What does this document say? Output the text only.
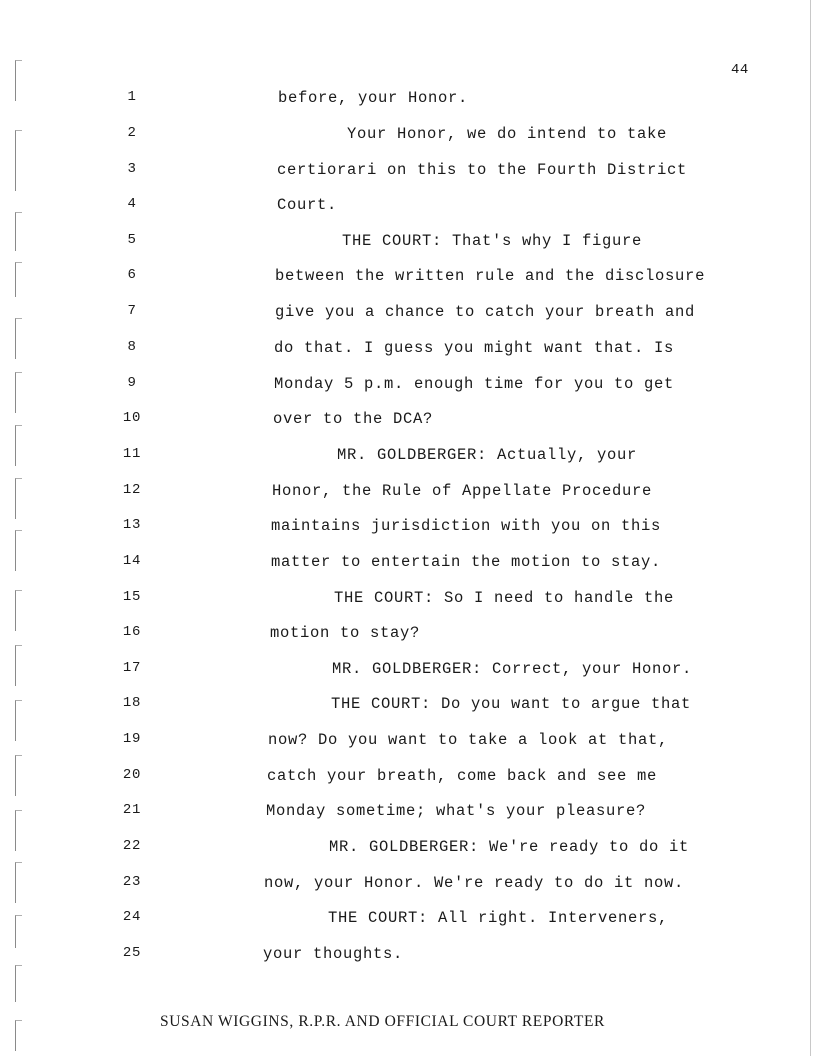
44
1	before, your Honor.
2	Your Honor, we do intend to take
3	certiorari on this to the Fourth District
4	Court.
5	THE COURT: That's why I figure
6	between the written rule and the disclosure
7	give you a chance to catch your breath and
8	do that. I guess you might want that. Is
9	Monday 5 p.m. enough time for you to get
10	over to the DCA?
11	MR. GOLDBERGER: Actually, your
12	Honor, the Rule of Appellate Procedure
13	maintains jurisdiction with you on this
14	matter to entertain the motion to stay.
15	THE COURT: So I need to handle the
16	motion to stay?
17	MR. GOLDBERGER: Correct, your Honor.
18	THE COURT: Do you want to argue that
19	now? Do you want to take a look at that,
20	catch your breath, come back and see me
21	Monday sometime; what's your pleasure?
22	MR. GOLDBERGER: We're ready to do it
23	now, your Honor. We're ready to do it now.
24	THE COURT: All right. Interveners,
25	your thoughts.
SUSAN WIGGINS, R.P.R. AND OFFICIAL COURT REPORTER
